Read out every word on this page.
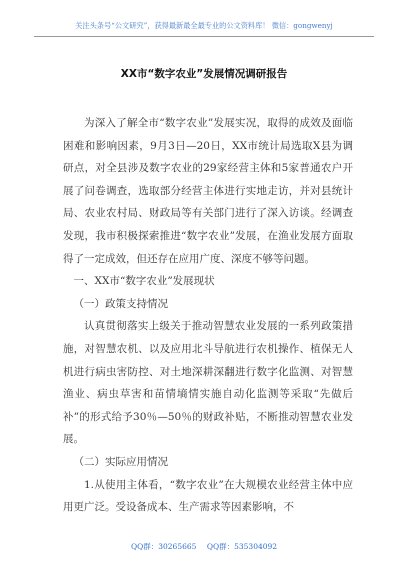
关注头条号“公文研究”，获得最新最全最专业的公文资料库！ 微信：gongwenyj
XX市“数字农业”发展情况调研报告

为深入了解全市“数字农业”发展实况，取得的成效及面临困难和影响因素，9月3日—20日，XX市统计局选取X县为调研点，对全县涉及数字农业的29家经营主体和5家普通农户开展了问卷调查，选取部分经营主体进行实地走访，并对县统计局、农业农村局、财政局等有关部门进行了深入访谈。经调查发现，我市积极探索推进“数字农业”发展，在渔业发展方面取得了一定成效，但还存在应用广度、深度不够等问题。

一、XX市“数字农业”发展现状

（一）政策支持情况

认真贯彻落实上级关于推动智慧农业发展的一系列政策措施，对智慧农机、以及应用北斗导航进行农机操作、植保无人机进行病虫害防控、对土地深耕深翻进行数字化监测、对智慧渔业、病虫草害和苗情墒情实施自动化监测等采取“先做后补”的形式给予30％—50％的财政补贴，不断推动智慧农业发展。

（二）实际应用情况

1.从使用主体看，“数字农业”在大规模农业经营主体中应用更广泛。受设备成本、生产需求等因素影响，不

QQ群：30265665 QQ群：535304092
